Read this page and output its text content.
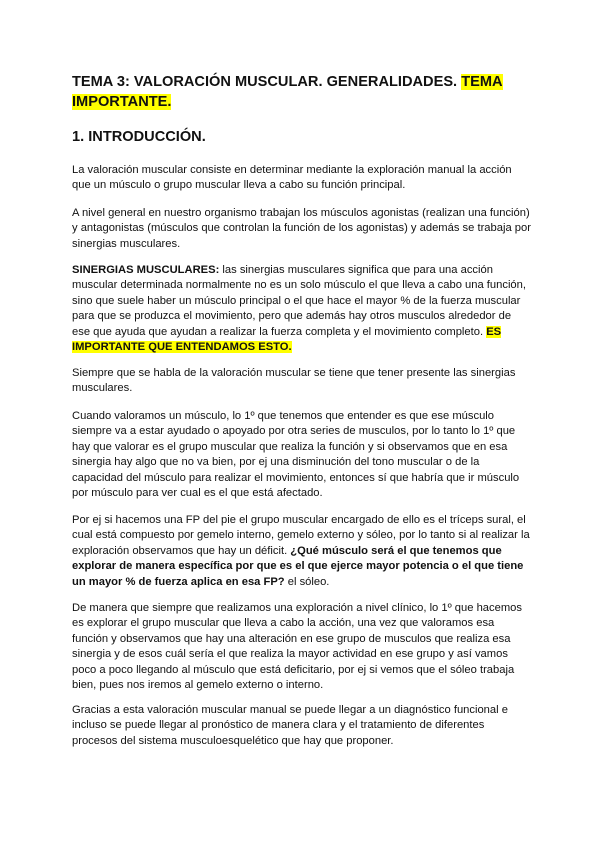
TEMA 3: VALORACIÓN MUSCULAR. GENERALIDADES. TEMA IMPORTANTE.
1. INTRODUCCIÓN.

La valoración muscular consiste en determinar mediante la exploración manual la acción que un músculo o grupo muscular lleva a cabo su función principal.

A nivel general en nuestro organismo trabajan los músculos agonistas (realizan una función) y antagonistas (músculos que controlan la función de los agonistas) y además se trabaja por sinergias musculares.

SINERGIAS MUSCULARES: las sinergias musculares significa que para una acción muscular determinada normalmente no es un solo músculo el que lleva a cabo una función, sino que suele haber un músculo principal o el que hace el mayor % de la fuerza muscular para que se produzca el movimiento, pero que además hay otros musculos alrededor de ese que ayuda que ayudan a realizar la fuerza completa y el movimiento completo. ES IMPORTANTE QUE ENTENDAMOS ESTO.

Siempre que se habla de la valoración muscular se tiene que tener presente las sinergias musculares.

Cuando valoramos un músculo, lo 1º que tenemos que entender es que ese músculo siempre va a estar ayudado o apoyado por otra series de musculos, por lo tanto lo 1º que hay que valorar es el grupo muscular que realiza la función y si observamos que en esa sinergia hay algo que no va bien, por ej una disminución del tono muscular o de la capacidad del músculo para realizar el movimiento, entonces sí que habría que ir músculo por músculo para ver cual es el que está afectado.

Por ej si hacemos una FP del pie el grupo muscular encargado de ello es el tríceps sural, el cual está compuesto por gemelo interno, gemelo externo y sóleo, por lo tanto si al realizar la exploración observamos que hay un déficit. ¿Qué músculo será el que tenemos que explorar de manera específica por que es el que ejerce mayor potencia o el que tiene un mayor % de fuerza aplica en esa FP? el sóleo.

De manera que siempre que realizamos una exploración a nivel clínico, lo 1º que hacemos es explorar el grupo muscular que lleva a cabo la acción, una vez que valoramos esa función y observamos que hay una alteración en ese grupo de musculos que realiza esa sinergia y de esos cuál sería el que realiza la mayor actividad en ese grupo y así vamos poco a poco llegando al músculo que está deficitario, por ej si vemos que el sóleo trabaja bien, pues nos iremos al gemelo externo o interno.

Gracias a esta valoración muscular manual se puede llegar a un diagnóstico funcional e incluso se puede llegar al pronóstico de manera clara y el tratamiento de diferentes procesos del sistema musculoesquelético que hay que proponer.
